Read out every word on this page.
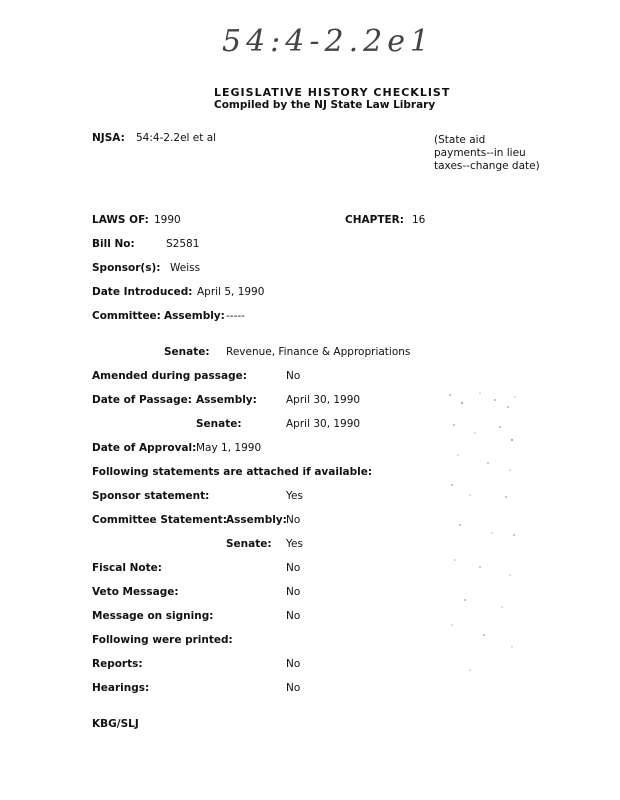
54:4-2.2e1
LEGISLATIVE HISTORY CHECKLIST
Compiled by the NJ State Law Library
NJSA: 54:4-2.2el et al	(State aid payments--in lieu taxes--change date)
LAWS OF: 1990	CHAPTER: 16
Bill No:	S2581
Sponsor(s): Weiss
Date Introduced: April 5, 1990
Committee: Assembly: -----
Senate: Revenue, Finance & Appropriations
Amended during passage:	No
Date of Passage: Assembly:	April 30, 1990
Senate:	April 30, 1990
Date of Approval: May 1, 1990
Following statements are attached if available:
Sponsor statement:	Yes
Committee Statement: Assembly: No
Senate: Yes
Fiscal Note:	No
Veto Message:	No
Message on signing:	No
Following were printed:
Reports:	No
Hearings:	No
KBG/SLJ
